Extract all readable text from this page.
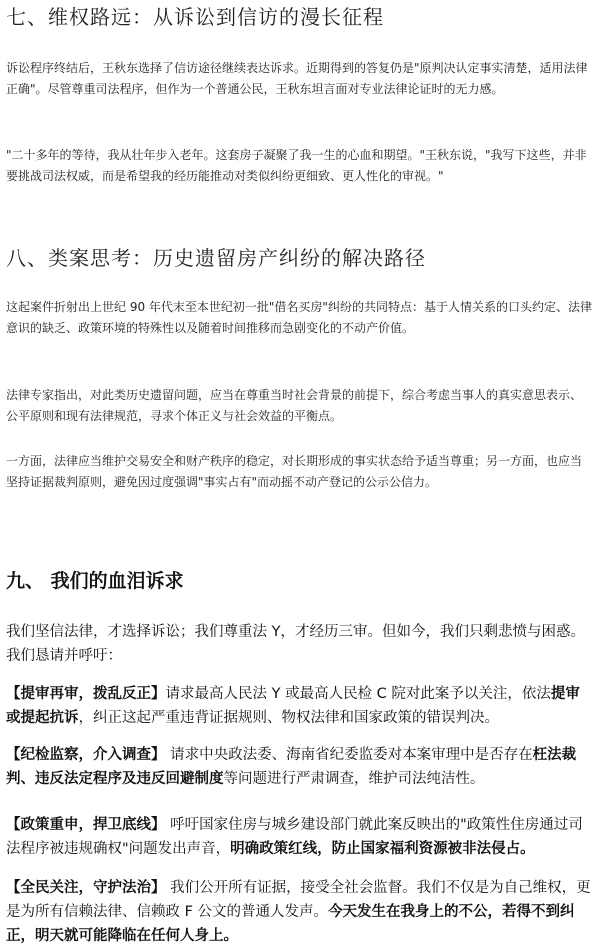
七、维权路远：从诉讼到信访的漫长征程

诉讼程序终结后，王秋东选择了信访途径继续表达诉求。近期得到的答复仍是"原判决认定事实清楚，适用法律正确"。尽管尊重司法程序，但作为一个普通公民，王秋东坦言面对专业法律论证时的无力感。

"二十多年的等待，我从壮年步入老年。这套房子凝聚了我一生的心血和期望。"王秋东说，"我写下这些，并非要挑战司法权威，而是希望我的经历能推动对类似纠纷更细致、更人性化的审视。"

八、类案思考：历史遗留房产纠纷的解决路径

这起案件折射出上世纪 90 年代末至本世纪初一批"借名买房"纠纷的共同特点：基于人情关系的口头约定、法律意识的缺乏、政策环境的特殊性以及随着时间推移而急剧变化的不动产价值。

法律专家指出，对此类历史遗留问题，应当在尊重当时社会背景的前提下，综合考虑当事人的真实意思表示、公平原则和现有法律规范，寻求个体正义与社会效益的平衡点。

一方面，法律应当维护交易安全和财产秩序的稳定，对长期形成的事实状态给予适当尊重；另一方面，也应当坚持证据裁判原则，避免因过度强调"事实占有"而动摇不动产登记的公示公信力。

九、 我们的血泪诉求

我们坚信法律，才选择诉讼；我们尊重法 Y，才经历三审。但如今，我们只剩悲愤与困惑。我们恳请并呼吁：

【提审再审，拨乱反正】请求最高人民法 Y 或最高人民检 C 院对此案予以关注，依法提审或提起抗诉，纠正这起严重违背证据规则、物权法律和国家政策的错误判决。

【纪检监察，介入调查】 请求中央政法委、海南省纪委监委对本案审理中是否存在枉法裁判、违反法定程序及违反回避制度等问题进行严肃调查，维护司法纯洁性。

【政策重申，捍卫底线】 呼吁国家住房与城乡建设部门就此案反映出的"政策性住房通过司法程序被违规确权"问题发出声音，明确政策红线，防止国家福利资源被非法侵占。

【全民关注，守护法治】 我们公开所有证据，接受全社会监督。我们不仅是为自己维权，更是为所有信赖法律、信赖政 F 公文的普通人发声。今天发生在我身上的不公，若得不到纠正，明天就可能降临在任何人身上。
